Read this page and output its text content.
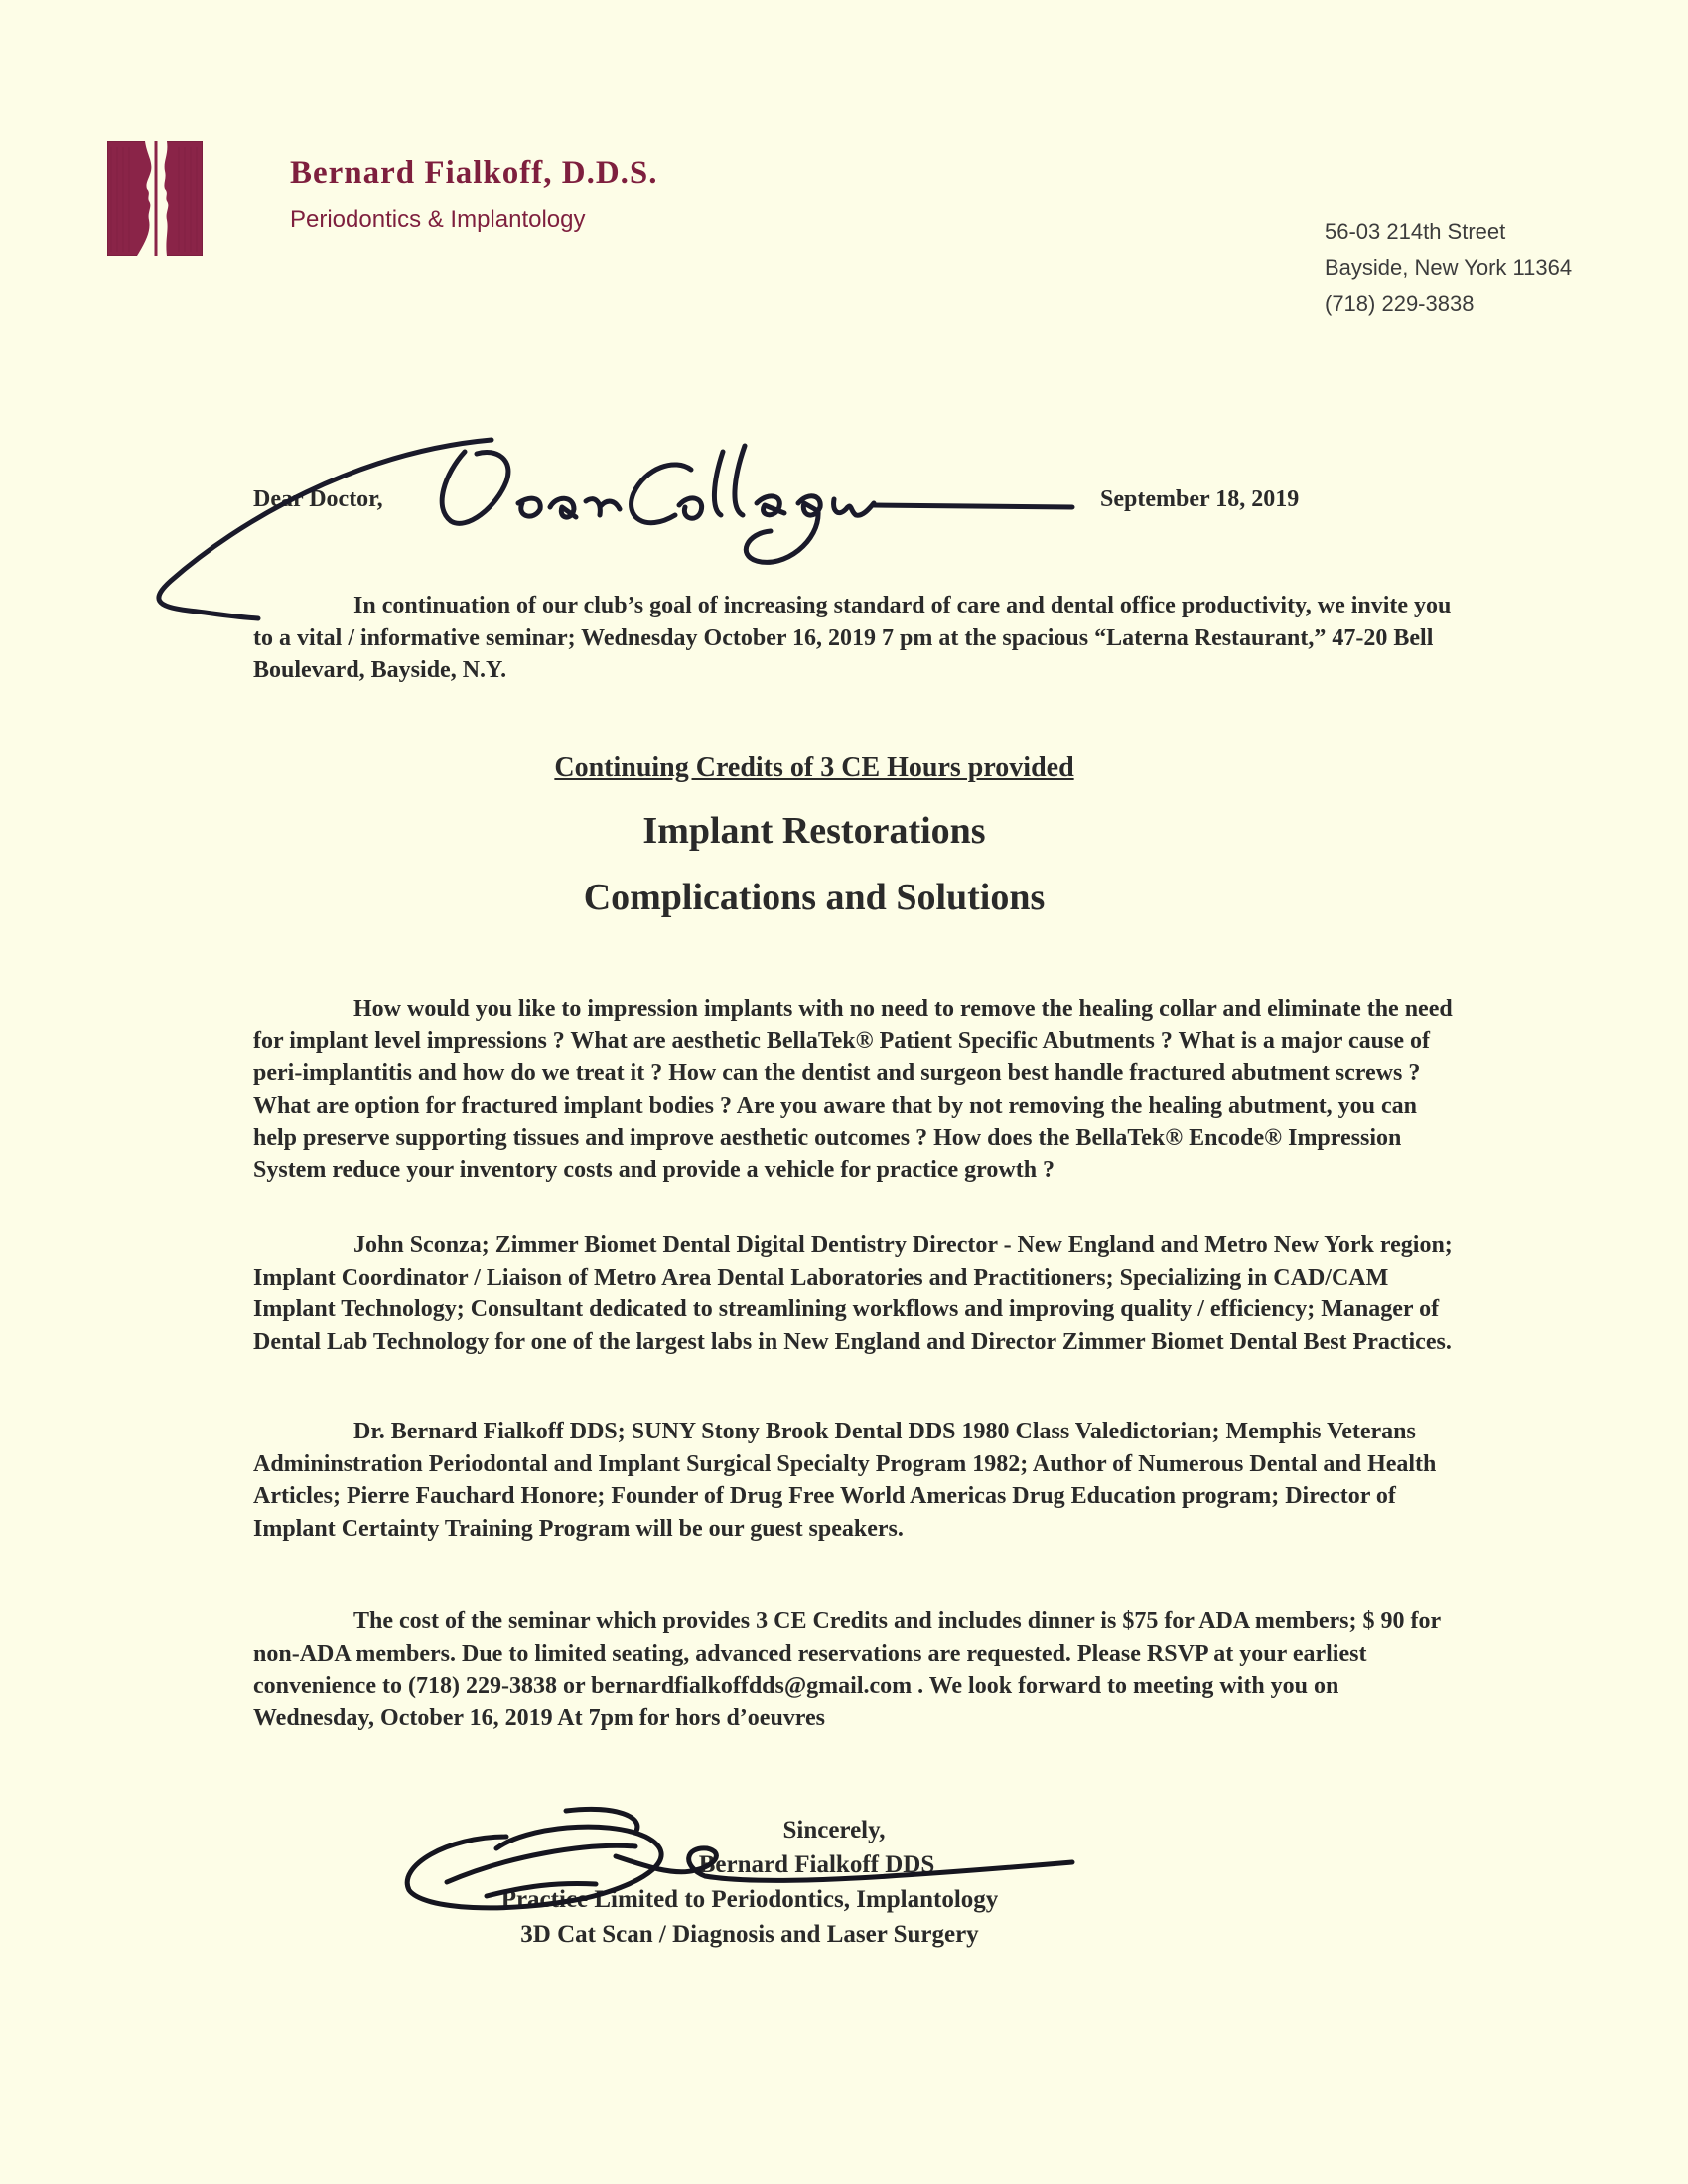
Bernard Fialkoff, D.D.S.
Periodontics & Implantology	56-03 214th Street
Bayside, New York 11364
(718) 229-3838
Dear Doctor,	September 18, 2019
In continuation of our club’s goal of increasing standard of care and dental office productivity, we invite you to a vital / informative seminar; Wednesday October 16, 2019 7 pm at the spacious “Laterna Restaurant,” 47-20 Bell Boulevard, Bayside, N.Y.
Continuing Credits of 3 CE Hours provided
Implant Restorations
Complications and Solutions
How would you like to impression implants with no need to remove the healing collar and eliminate the need for implant level impressions ? What are aesthetic BellaTek® Patient Specific Abutments ? What is a major cause of peri-implantitis and how do we treat it ? How can the dentist and surgeon best handle fractured abutment screws ? What are option for fractured implant bodies ? Are you aware that by not removing the healing abutment, you can help preserve supporting tissues and improve aesthetic outcomes ? How does the BellaTek® Encode® Impression System reduce your inventory costs and provide a vehicle for practice growth ?
John Sconza; Zimmer Biomet Dental Digital Dentistry Director - New England and Metro New York region; Implant Coordinator / Liaison of Metro Area Dental Laboratories and Practitioners; Specializing in CAD/CAM Implant Technology; Consultant dedicated to streamlining workflows and improving quality / efficiency; Manager of Dental Lab Technology for one of the largest labs in New England and Director Zimmer Biomet Dental Best Practices.
Dr. Bernard Fialkoff DDS; SUNY Stony Brook Dental DDS 1980 Class Valedictorian; Memphis Veterans Admininstration Periodontal and Implant Surgical Specialty Program 1982; Author of Numerous Dental and Health Articles; Pierre Fauchard Honore; Founder of Drug Free World Americas Drug Education program; Director of Implant Certainty Training Program will be our guest speakers.
The cost of the seminar which provides 3 CE Credits and includes dinner is $75 for ADA members; $ 90 for non-ADA members. Due to limited seating, advanced reservations are requested. Please RSVP at your earliest convenience to (718) 229-3838 or bernardfialkoffdds@gmail.com . We look forward to meeting with you on Wednesday, October 16, 2019 At 7pm for hors d’oeuvres
Sincerely,
Bernard Fialkoff DDS
Practice Limited to Periodontics, Implantology
3D Cat Scan / Diagnosis and Laser Surgery
